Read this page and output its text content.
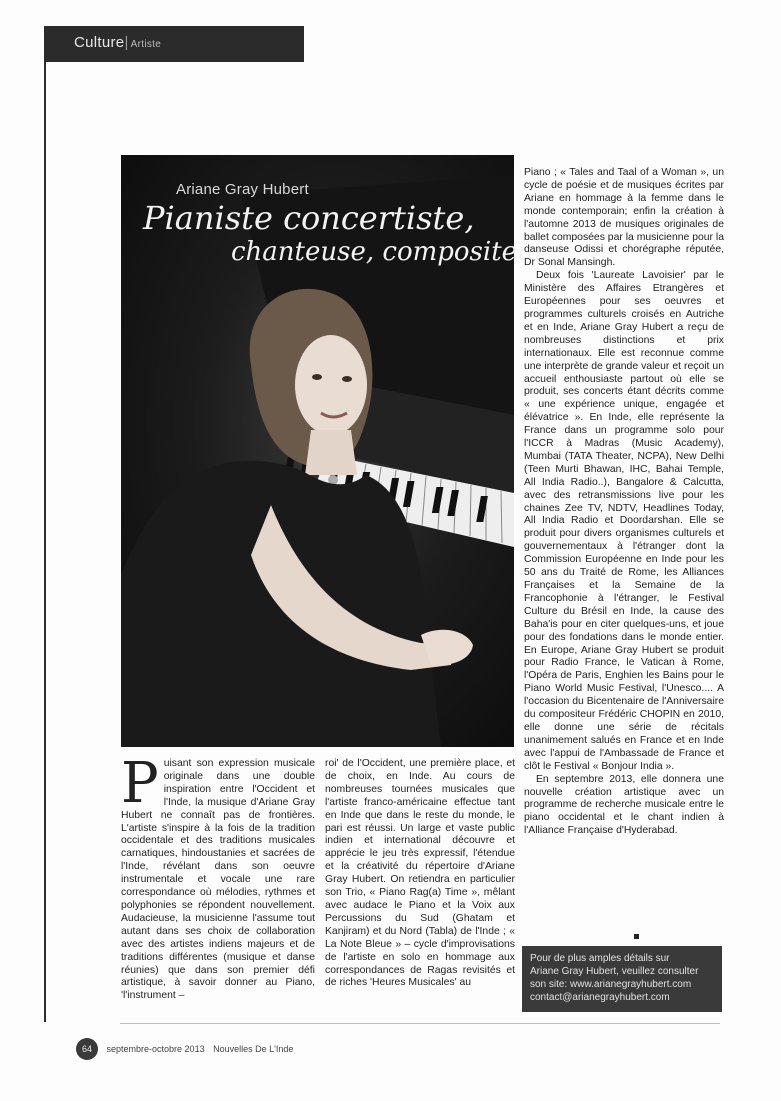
Culture| Artiste
Ariane Gray Hubert
Pianiste concertiste,
chanteuse, compositeur
Puisant son expression musicale originale dans une double inspiration entre l'Occident et l'Inde, la musique d'Ariane Gray Hubert ne connaît pas de frontières. L'artiste s'inspire à la fois de la tradition occidentale et des traditions musicales carnatiques, hindoustanies et sacrées de l'Inde, révélant dans son oeuvre instrumentale et vocale une rare correspondance où mélodies, rythmes et polyphonies se répondent nouvellement. Audacieuse, la musicienne l'assume tout autant dans ses choix de collaboration avec des artistes indiens majeurs et de traditions différentes (musique et danse réunies) que dans son premier défi artistique, à savoir donner au Piano, 'l'instrument –
roi' de l'Occident, une première place, et de choix, en Inde. Au cours de nombreuses tournées musicales que l'artiste franco-américaine effectue tant en Inde que dans le reste du monde, le pari est réussi. Un large et vaste public indien et international découvre et apprécie le jeu très expressif, l'étendue et la créativité du répertoire d'Ariane Gray Hubert. On retiendra en particulier son Trio, « Piano Rag(a) Time », mêlant avec audace le Piano et la Voix aux Percussions du Sud (Ghatam et Kanjiram) et du Nord (Tabla) de l'Inde ; « La Note Bleue » – cycle d'improvisations de l'artiste en solo en hommage aux correspondances de Ragas revisités et de riches 'Heures Musicales' au

Piano ; « Tales and Taal of a Woman », un cycle de poésie et de musiques écrites par Ariane en hommage à la femme dans le monde contemporain; enfin la création à l'automne 2013 de musiques originales de ballet composées par la musicienne pour la danseuse Odissi et chorégraphe réputée, Dr Sonal Mansingh.

Deux fois 'Laureate Lavoisier' par le Ministère des Affaires Etrangères et Européennes pour ses oeuvres et programmes culturels croisés en Autriche et en Inde, Ariane Gray Hubert a reçu de nombreuses distinctions et prix internationaux. Elle est reconnue comme une interprète de grande valeur et reçoit un accueil enthousiaste partout où elle se produit, ses concerts étant décrits comme « une expérience unique, engagée et élévatrice ». En Inde, elle représente la France dans un programme solo pour l'ICCR à Madras (Music Academy), Mumbai (TATA Theater, NCPA), New Delhi (Teen Murti Bhawan, IHC, Bahai Temple, All India Radio..), Bangalore & Calcutta, avec des retransmissions live pour les chaines Zee TV, NDTV, Headlines Today, All India Radio et Doordarshan. Elle se produit pour divers organismes culturels et gouvernementaux à l'étranger dont la Commission Européenne en Inde pour les 50 ans du Traité de Rome, les Alliances Françaises et la Semaine de la Francophonie à l'étranger, le Festival Culture du Brésil en Inde, la cause des Baha'is pour en citer quelques-uns, et joue pour des fondations dans le monde entier. En Europe, Ariane Gray Hubert se produit pour Radio France, le Vatican à Rome, l'Opéra de Paris, Enghien les Bains pour le Piano World Music Festival, l'Unesco.... A l'occasion du Bicentenaire de l'Anniversaire du compositeur Frédéric CHOPIN en 2010, elle donne une série de récitals unanimement salués en France et en Inde avec l'appui de l'Ambassade de France et clôt le Festival « Bonjour India ».

En septembre 2013, elle donnera une nouvelle création artistique avec un programme de recherche musicale entre le piano occidental et le chant indien à l'Alliance Française d'Hyderabad.

Pour de plus amples détails sur
Ariane Gray Hubert, veuillez consulter
son site: www.arianegrayhubert.com
contact@arianegrayhubert.com
64 septembre-octobre 2013 Nouvelles De L'Inde
